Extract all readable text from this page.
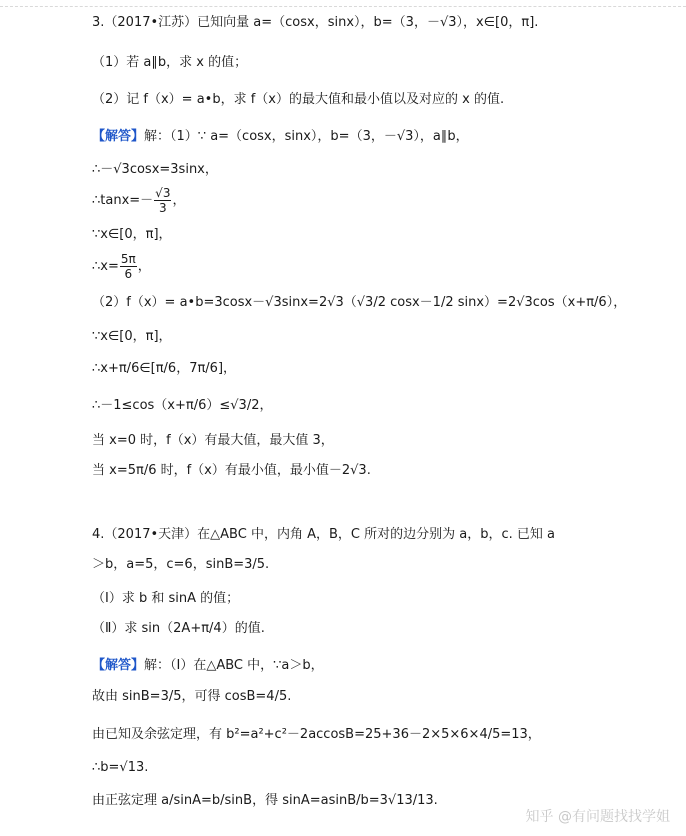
3.（2017•江苏）已知向量 a=（cosx，sinx），b=（3，－√3），x∈[0，π].
（1）若 a∥b，求 x 的值；
（2）记 f（x）= a•b，求 f（x）的最大值和最小值以及对应的 x 的值.
【解答】解：（1）∵ a=（cosx，sinx），b=（3，－√3），a∥b，
∴－√3cosx=3sinx，
∴tanx=－ $\frac{√3}{3}$ ，
∵x∈[0，π]，
∴x= $\frac{5\pi}{6}$ ，
（2）f（x）= a•b=3cosx－√3sinx=2√3（√3/2 cosx－1/2 sinx）=2√3cos（x+π/6），
∵x∈[0，π]，
∴x+π/6∈[π/6，7π/6]，
∴－1≤cos（x+π/6）≤√3/2，
当 x=0 时，f（x）有最大值，最大值 3，
当 x=5π/6 时，f（x）有最小值，最小值－2√3.
4.（2017•天津）在△ABC 中，内角 A，B，C 所对的边分别为 a，b，c. 已知 a
＞b，a=5，c=6，sinB=3/5.
（Ⅰ）求 b 和 sinA 的值；
（Ⅱ）求 sin（2A+π/4）的值.
【解答】解：（Ⅰ）在△ABC 中，∵a＞b，
故由 sinB=3/5，可得 cosB=4/5.
由已知及余弦定理，有 b²=a²+c²－2accosB=25+36－2×5×6×4/5=13，
∴b=√13.
由正弦定理 a/sinA=b/sinB，得 sinA=asinB/b=3√13/13.
知乎 @有问题找找学姐
